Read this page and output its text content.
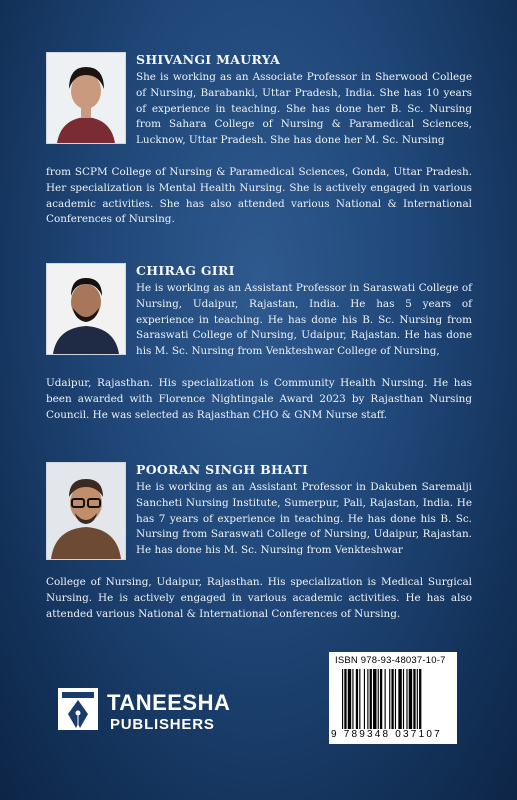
SHIVANGI MAURYA
She is working as an Associate Professor in Sherwood College of Nursing, Barabanki, Uttar Pradesh, India. She has 10 years of experience in teaching. She has done her B. Sc. Nursing from Sahara College of Nursing & Paramedical Sciences, Lucknow, Uttar Pradesh. She has done her M. Sc. Nursing
from SCPM College of Nursing & Paramedical Sciences, Gonda, Uttar Pradesh. Her specialization is Mental Health Nursing. She is actively engaged in various academic activities. She has also attended various National & International Conferences of Nursing.
CHIRAG GIRI
He is working as an Assistant Professor in Saraswati College of Nursing, Udaipur, Rajastan, India. He has 5 years of experience in teaching. He has done his B. Sc. Nursing from Saraswati College of Nursing, Udaipur, Rajastan. He has done his M. Sc. Nursing from Venkteshwar College of Nursing,
Udaipur, Rajasthan. His specialization is Community Health Nursing. He has been awarded with Florence Nightingale Award 2023 by Rajasthan Nursing Council. He was selected as Rajasthan CHO & GNM Nurse staff.
POORAN SINGH BHATI
He is working as an Assistant Professor in Dakuben Saremalji Sancheti Nursing Institute, Sumerpur, Pali, Rajastan, India. He has 7 years of experience in teaching. He has done his B. Sc. Nursing from Saraswati College of Nursing, Udaipur, Rajastan. He has done his M. Sc. Nursing from Venkteshwar
College of Nursing, Udaipur, Rajasthan. His specialization is Medical Surgical Nursing. He is actively engaged in various academic activities. He has also attended various National & International Conferences of Nursing.
ISBN 978-93-48037-10-7
9 789348 037107
TANEESHA
PUBLISHERS
